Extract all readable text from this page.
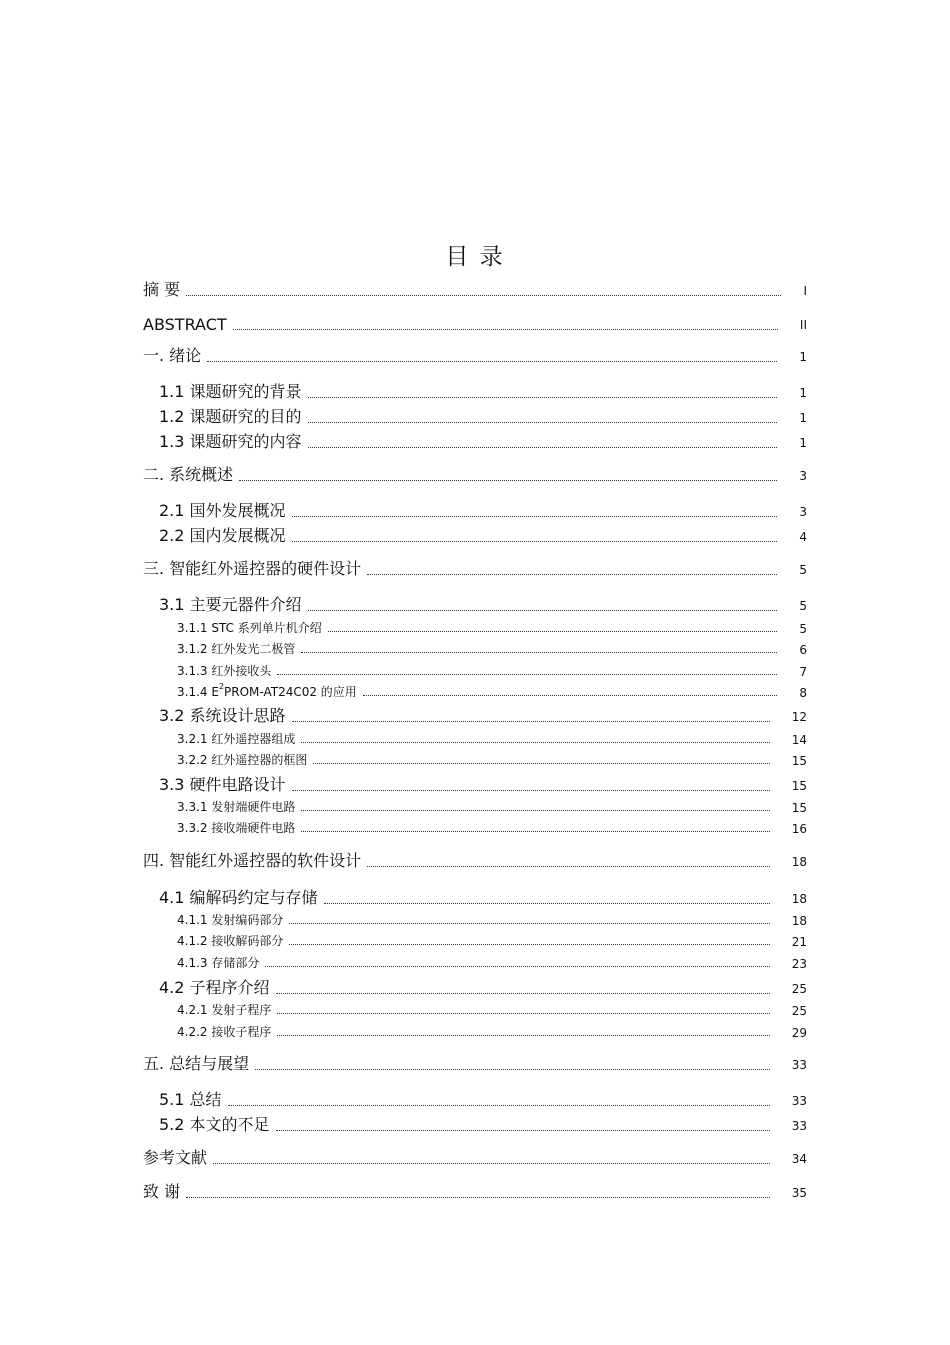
目 录
摘 要	I
ABSTRACT	II
一. 绪论	1
1.1 课题研究的背景	1
1.2 课题研究的目的	1
1.3 课题研究的内容	1
二. 系统概述	3
2.1 国外发展概况	3
2.2 国内发展概况	4
三. 智能红外遥控器的硬件设计	5
3.1 主要元器件介绍	5
3.1.1 STC 系列单片机介绍	5
3.1.2 红外发光二极管	6
3.1.3 红外接收头	7
3.1.4 $E^2PROM-AT24C02$ 的应用	8
3.2 系统设计思路	12
3.2.1 红外遥控器组成	14
3.2.2 红外遥控器的框图	15
3.3 硬件电路设计	15
3.3.1 发射端硬件电路	15
3.3.2 接收端硬件电路	16
四. 智能红外遥控器的软件设计	18
4.1 编解码约定与存储	18
4.1.1 发射编码部分	18
4.1.2 接收解码部分	21
4.1.3 存储部分	23
4.2 子程序介绍	25
4.2.1 发射子程序	25
4.2.2 接收子程序	29
五. 总结与展望	33
5.1 总结	33
5.2 本文的不足	33
参考文献	34
致 谢	35
